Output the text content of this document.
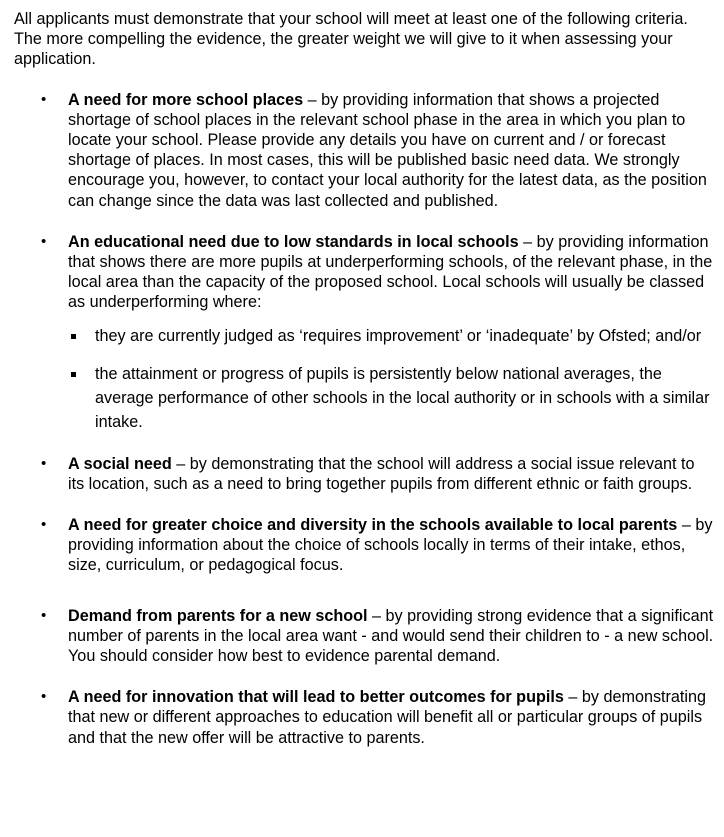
All applicants must demonstrate that your school will meet at least one of the following criteria. The more compelling the evidence, the greater weight we will give to it when assessing your application.

• A need for more school places – by providing information that shows a projected shortage of school places in the relevant school phase in the area in which you plan to locate your school. Please provide any details you have on current and / or forecast shortage of places. In most cases, this will be published basic need data. We strongly encourage you, however, to contact your local authority for the latest data, as the position can change since the data was last collected and published.
• An educational need due to low standards in local schools – by providing information that shows there are more pupils at underperforming schools, of the relevant phase, in the local area than the capacity of the proposed school. Local schools will usually be classed as underperforming where:
they are currently judged as ‘requires improvement’ or ‘inadequate’ by Ofsted; and/or
the attainment or progress of pupils is persistently below national averages, the average performance of other schools in the local authority or in schools with a similar intake.
• A social need – by demonstrating that the school will address a social issue relevant to its location, such as a need to bring together pupils from different ethnic or faith groups.
• A need for greater choice and diversity in the schools available to local parents – by providing information about the choice of schools locally in terms of their intake, ethos, size, curriculum, or pedagogical focus.
• Demand from parents for a new school – by providing strong evidence that a significant number of parents in the local area want - and would send their children to - a new school. You should consider how best to evidence parental demand.
• A need for innovation that will lead to better outcomes for pupils – by demonstrating that new or different approaches to education will benefit all or particular groups of pupils and that the new offer will be attractive to parents.
